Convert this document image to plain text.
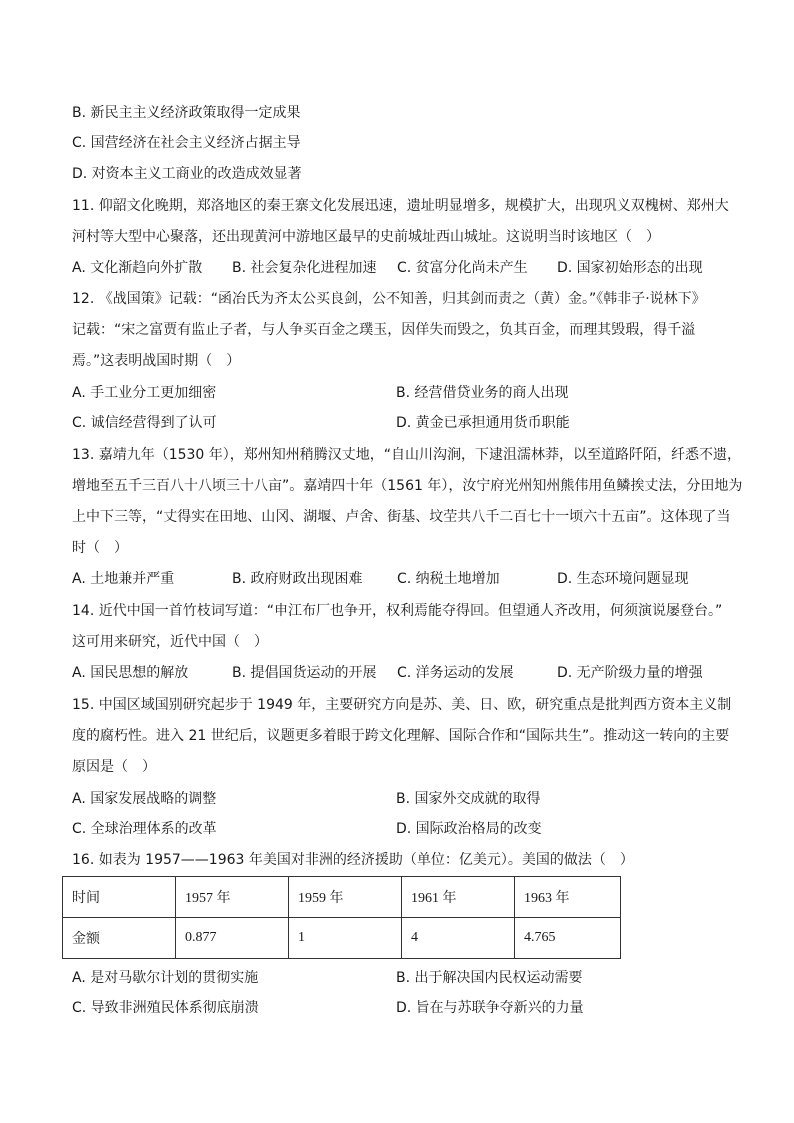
B. 新民主主义经济政策取得一定成果
C. 国营经济在社会主义经济占据主导
D. 对资本主义工商业的改造成效显著
11. 仰韶文化晚期，郑洛地区的秦王寨文化发展迅速，遗址明显增多，规模扩大，出现巩义双槐树、郑州大
河村等大型中心聚落，还出现黄河中游地区最早的史前城址西山城址。这说明当时该地区（　）
A. 文化渐趋向外扩散 B. 社会复杂化进程加速 C. 贫富分化尚未产生 D. 国家初始形态的出现
12. 《战国策》记载：“函冶氏为齐太公买良剑，公不知善，归其剑而责之（黄）金。”《韩非子·说林下》
记载：“宋之富贾有监止子者，与人争买百金之璞玉，因佯失而毁之，负其百金，而理其毁瑕，得千溢
焉。”这表明战国时期（　）
A. 手工业分工更加细密	B. 经营借贷业务的商人出现
C. 诚信经营得到了认可	D. 黄金已承担通用货币职能
13. 嘉靖九年（1530 年），郑州知州稍腾汉丈地，“自山川沟涧，下逮沮濡林莽，以至道路阡陌，纤悉不遗，
增地至五千三百八十八顷三十八亩”。嘉靖四十年（1561 年），汝宁府光州知州熊伟用鱼鳞挨丈法，分田地为
上中下三等，“丈得实在田地、山冈、湖堰、卢舍、街基、坟茔共八千二百七十一顷六十五亩”。这体现了当
时（　）
A. 土地兼并严重	B. 政府财政出现困难 C. 纳税土地增加	D. 生态环境问题显现
14. 近代中国一首竹枝词写道：“申江布厂也争开，权利焉能夺得回。但望通人齐改用，何须演说屡登台。”
这可用来研究，近代中国（　）
A. 国民思想的解放	B. 提倡国货运动的开展 C. 洋务运动的发展	D. 无产阶级力量的增强
15. 中国区域国别研究起步于 1949 年，主要研究方向是苏、美、日、欧，研究重点是批判西方资本主义制
度的腐朽性。进入 21 世纪后，议题更多着眼于跨文化理解、国际合作和“国际共生”。推动这一转向的主要
原因是（　）
A. 国家发展战略的调整	B. 国家外交成就的取得
C. 全球治理体系的改革	D. 国际政治格局的改变
16. 如表为 1957——1963 年美国对非洲的经济援助（单位：亿美元）。美国的做法（　）
时间	1957 年	1959 年	1961 年	1963 年
金额	0.877	1	4	4.765
A. 是对马歇尔计划的贯彻实施	B. 出于解决国内民权运动需要
C. 导致非洲殖民体系彻底崩溃	D. 旨在与苏联争夺新兴的力量
